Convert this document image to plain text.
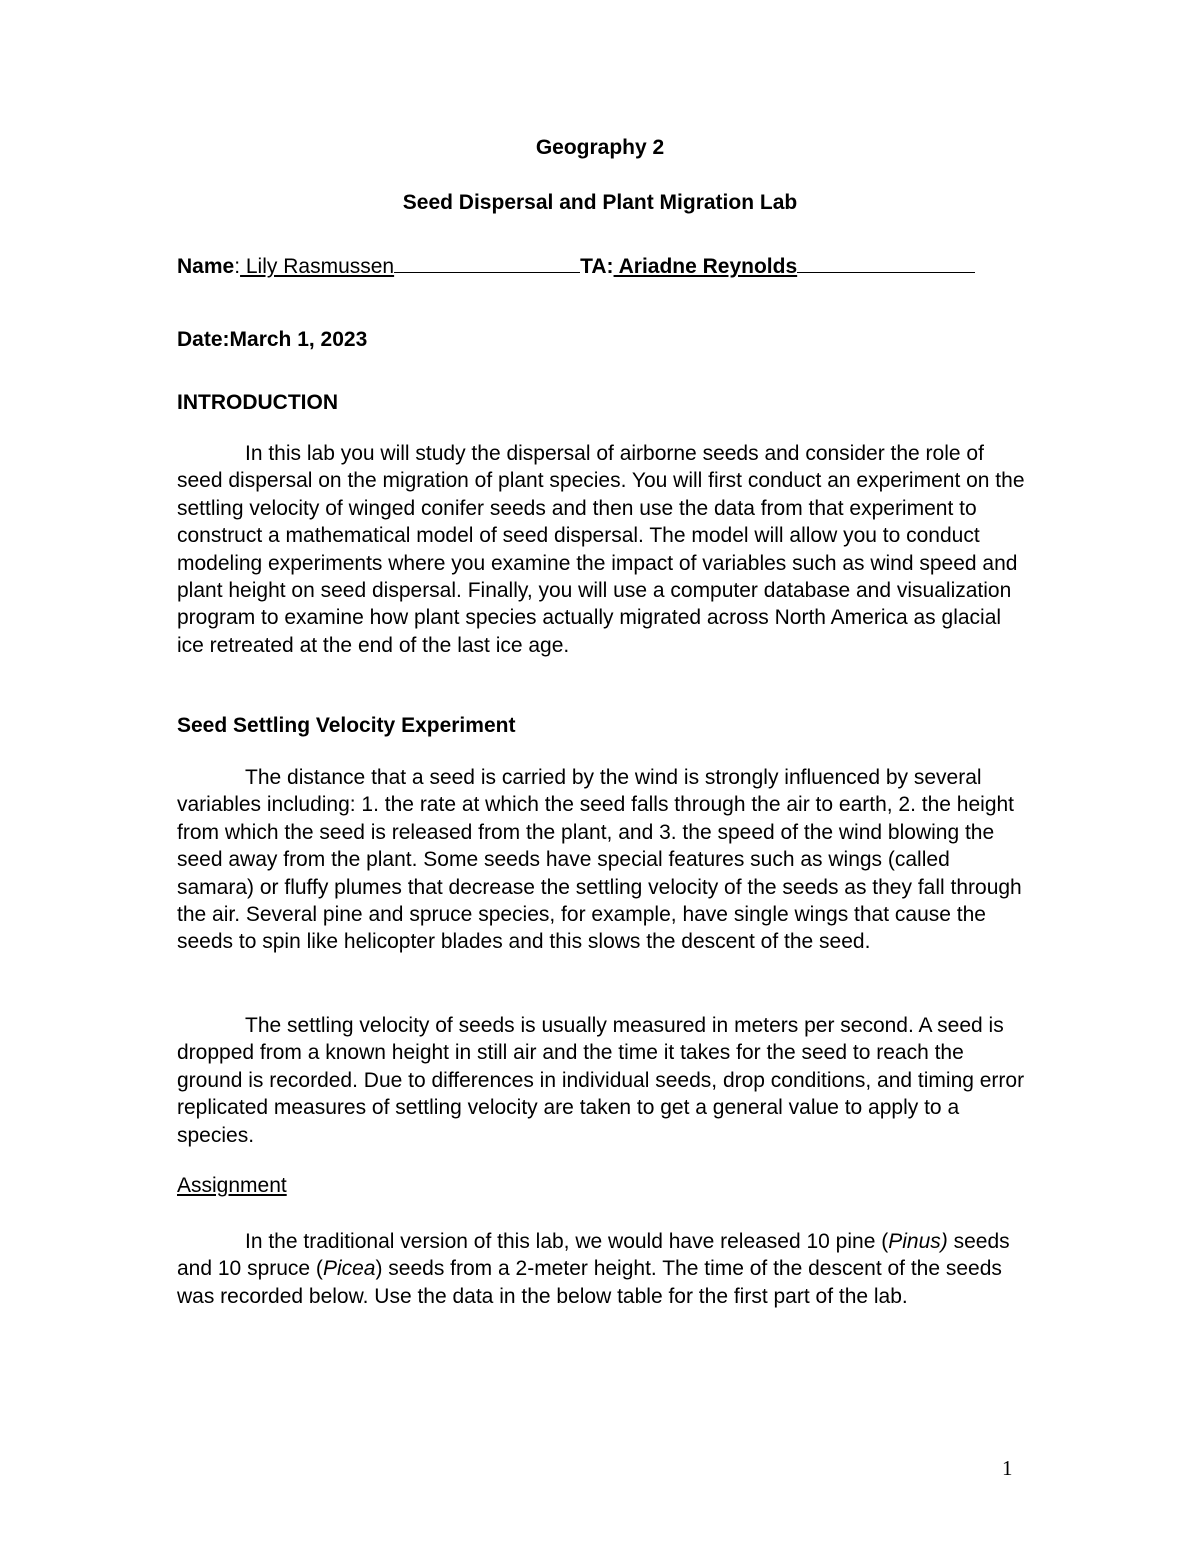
Geography 2
Seed Dispersal and Plant Migration Lab
Name: Lily Rasmussen	TA: Ariadne Reynolds
Date:March 1, 2023
INTRODUCTION
In this lab you will study the dispersal of airborne seeds and consider the role of seed dispersal on the migration of plant species. You will first conduct an experiment on the settling velocity of winged conifer seeds and then use the data from that experiment to construct a mathematical model of seed dispersal. The model will allow you to conduct modeling experiments where you examine the impact of variables such as wind speed and plant height on seed dispersal. Finally, you will use a computer database and visualization program to examine how plant species actually migrated across North America as glacial ice retreated at the end of the last ice age.
Seed Settling Velocity Experiment
The distance that a seed is carried by the wind is strongly influenced by several variables including: 1. the rate at which the seed falls through the air to earth, 2. the height from which the seed is released from the plant, and 3. the speed of the wind blowing the seed away from the plant. Some seeds have special features such as wings (called samara) or fluffy plumes that decrease the settling velocity of the seeds as they fall through the air. Several pine and spruce species, for example, have single wings that cause the seeds to spin like helicopter blades and this slows the descent of the seed.
The settling velocity of seeds is usually measured in meters per second. A seed is dropped from a known height in still air and the time it takes for the seed to reach the ground is recorded. Due to differences in individual seeds, drop conditions, and timing error replicated measures of settling velocity are taken to get a general value to apply to a species.
Assignment
In the traditional version of this lab, we would have released 10 pine (Pinus) seeds and 10 spruce (Picea) seeds from a 2-meter height. The time of the descent of the seeds was recorded below. Use the data in the below table for the first part of the lab.
1
